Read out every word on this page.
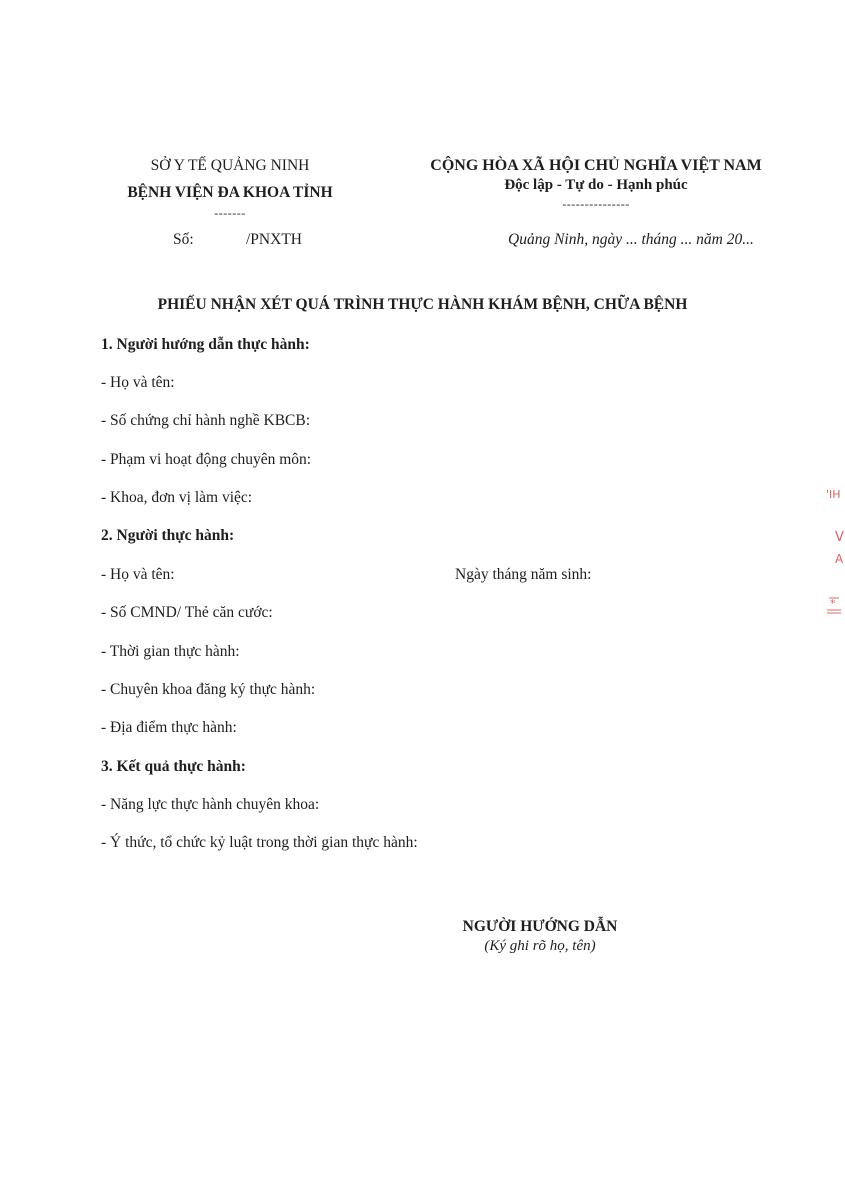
SỞ Y TẾ QUẢNG NINH
BỆNH VIỆN ĐA KHOA TỈNH
-------
Số:	/PNXTH
CỘNG HÒA XÃ HỘI CHỦ NGHĨA VIỆT NAM
Độc lập - Tự do - Hạnh phúc
---------------
Quảng Ninh, ngày ... tháng ... năm 20...
PHIẾU NHẬN XÉT QUÁ TRÌNH THỰC HÀNH KHÁM BỆNH, CHỮA BỆNH
1. Người hướng dẫn thực hành:
- Họ và tên:
- Số chứng chỉ hành nghề KBCB:
- Phạm vi hoạt động chuyên môn:
- Khoa, đơn vị làm việc:
2. Người thực hành:
- Họ và tên:	Ngày tháng năm sinh:
- Số CMND/ Thẻ căn cước:
- Thời gian thực hành:
- Chuyên khoa đăng ký thực hành:
- Địa điểm thực hành:
3. Kết quả thực hành:
- Năng lực thực hành chuyên khoa:
- Ý thức, tổ chức kỷ luật trong thời gian thực hành:
NGƯỜI HƯỚNG DẪN
(Ký ghi rõ họ, tên)
'IH
V
A
*
